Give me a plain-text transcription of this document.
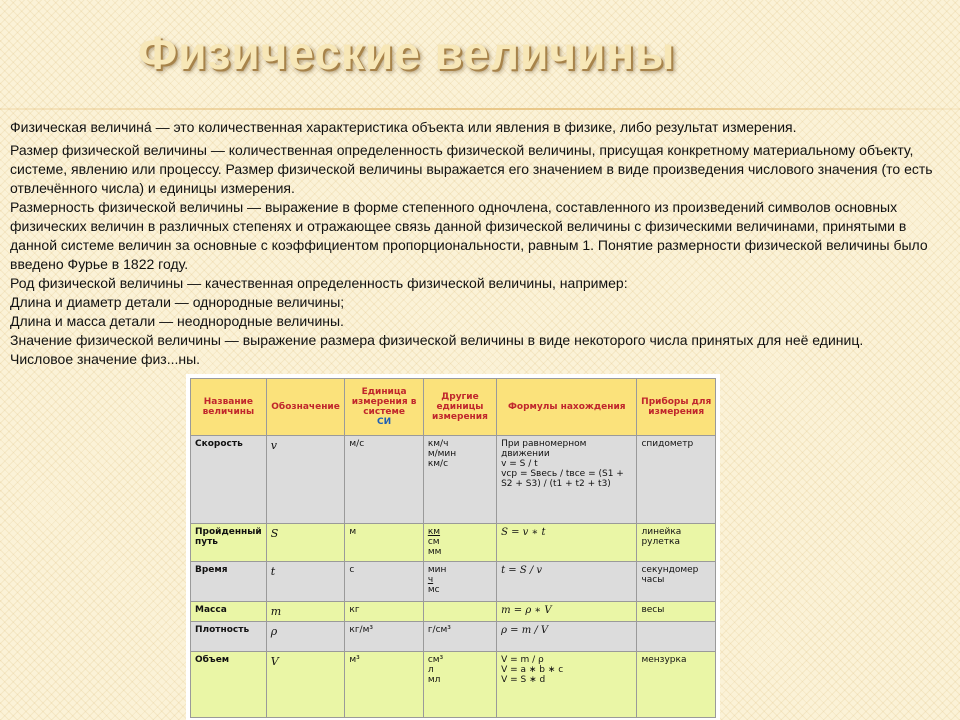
Физические величины

Физическая величинá — это количественная характеристика объекта или явления в физике, либо результат измерения.

Размер физической величины — количественная определенность физической величины, присущая конкретному материальному объекту, системе, явлению или процессу. Размер физической величины выражается его значением в виде произведения числового значения (то есть отвлечённого числа) и единицы измерения.

Размерность физической величины — выражение в форме степенного одночлена, составленного из произведений символов основных физических величин в различных степенях и отражающее связь данной физической величины с физическими величинами, принятыми в данной системе величин за основные с коэффициентом пропорциональности, равным 1. Понятие размерности физической величины было введено Фурье в 1822 году.

Род физической величины — качественная определенность физической величины, например:

Длина и диаметр детали — однородные величины;

Длина и масса детали — неоднородные величины.

Значение физической величины — выражение размера физической величины в виде некоторого числа принятых для неё единиц.

Числовое значение физ...ны.

Название величины	Обозначение	Единица измерения в системе
СИ	Другие единицы измерения	Формулы нахождения	Приборы для измерения
Скорость	v	м/с	км/ч
м/мин
км/с	При равномерном движении
v = S / t
vср = Sвесь / tвсе = (S1 + S2 + S3) / (t1 + t2 + t3)	спидометр
Пройденный путь	S	м	км
см
мм	S = v ∗ t	линейка рулетка
Время	t	с	мин
ч
мс	t = S / v	секундомер часы
Масса	m	кг		m = ρ ∗ V	весы
Плотность	ρ	кг/м³	г/см³	ρ = m / V	
Объем	V	м³	см³
л
мл	V = m / ρ
V = a ∗ b ∗ c
V = S ∗ d	мензурка
